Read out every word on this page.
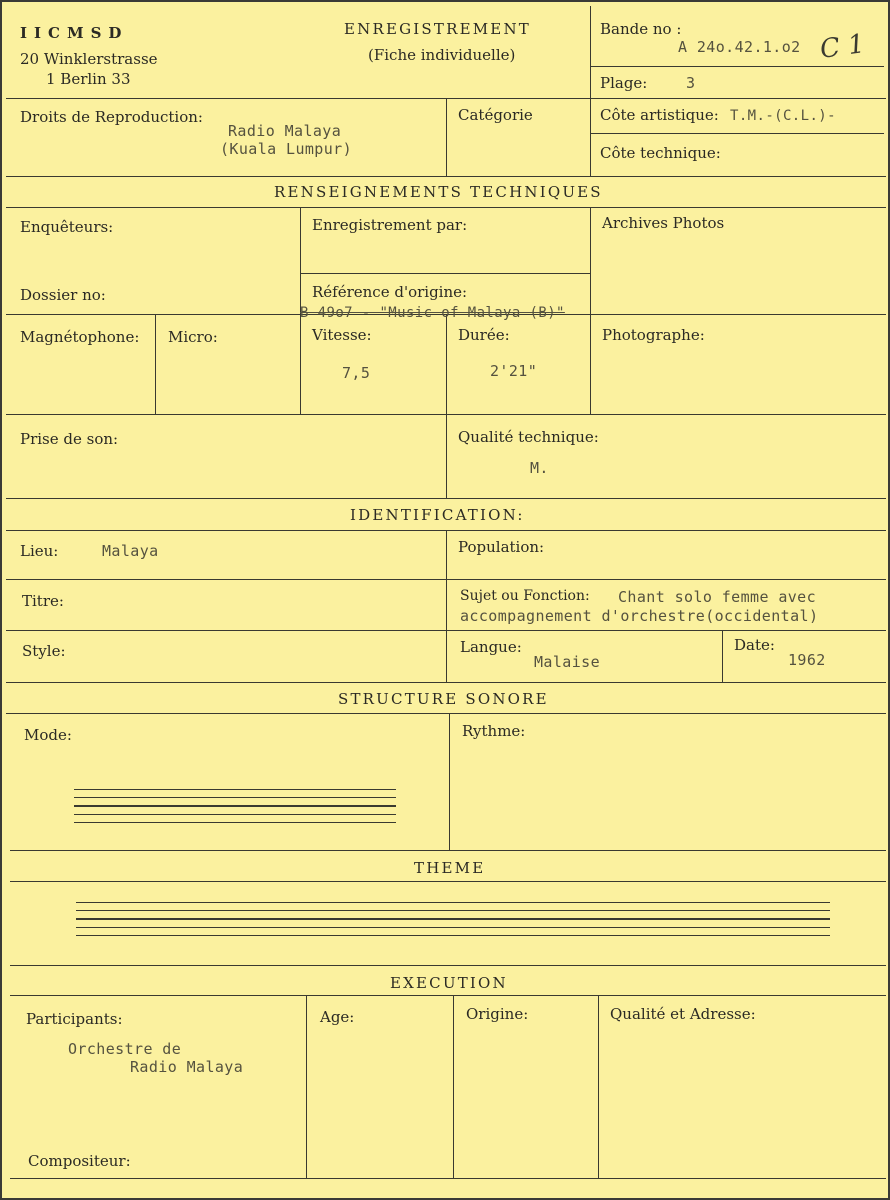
IICMSD
20 Winklerstrasse
1 Berlin 33
ENREGISTREMENT
(Fiche individuelle)
Bande no :
A 24o.42.1.o2 C 1
Plage:	3
Droits de Reproduction:
Radio Malaya
(Kuala Lumpur)
Catégorie	Côte artistique: T.M.-(C.L.)-
Côte technique:
RENSEIGNEMENTS TECHNIQUES
Enquêteurs:	Enregistrement par:	Archives Photos
Dossier no:	Référence d'origine:
B 49o7 - "Music of Malaya (B)"
Magnétophone: Micro:	Vitesse:
7,5
Durée:
2'21"
Photographe:
Prise de son:	Qualité technique:
M.
IDENTIFICATION:
Lieu:	Malaya	Population:
Titre:	Sujet ou Fonction: Chant solo femme avec
accompagnement d'orchestre(occidental)
Style:	Langue:
Malaise
Date:
1962
STRUCTURE SONORE
Mode:	Rythme:
THEME
EXECUTION
Participants:
Orchestre de
Radio Malaya
Age:	Origine:	Qualité et Adresse:
Compositeur:
